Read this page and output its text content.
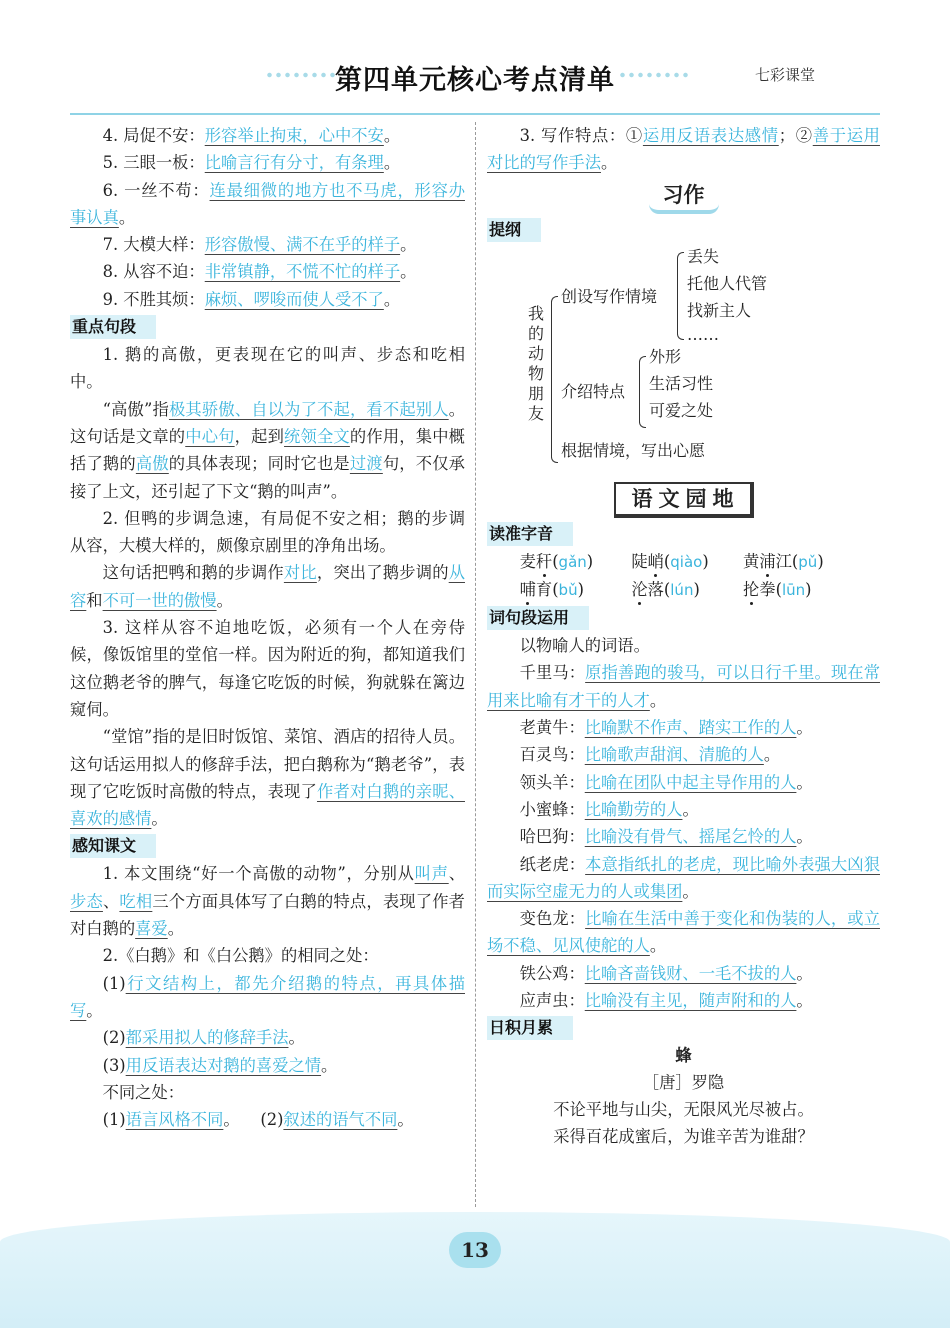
第四单元核心考点清单	七彩课堂

4. 局促不安：形容举止拘束，心中不安。

5. 三眼一板：比喻言行有分寸，有条理。

6. 一丝不苟：连最细微的地方也不马虎，形容办事认真。

7. 大模大样：形容傲慢、满不在乎的样子。

8. 从容不迫：非常镇静，不慌不忙的样子。

9. 不胜其烦：麻烦、啰唆而使人受不了。

重点句段

1. 鹅的高傲，更表现在它的叫声、步态和吃相中。

“高傲”指极其骄傲、自以为了不起，看不起别人。这句话是文章的中心句，起到统领全文的作用，集中概括了鹅的高傲的具体表现；同时它也是过渡句，不仅承接了上文，还引起了下文“鹅的叫声”。

2. 但鸭的步调急速，有局促不安之相；鹅的步调从容，大模大样的，颇像京剧里的净角出场。

这句话把鸭和鹅的步调作对比，突出了鹅步调的从容和不可一世的傲慢。

3. 这样从容不迫地吃饭，必须有一个人在旁侍候，像饭馆里的堂倌一样。因为附近的狗，都知道我们这位鹅老爷的脾气，每逢它吃饭的时候，狗就躲在篱边窥伺。

“堂馆”指的是旧时饭馆、菜馆、酒店的招待人员。这句话运用拟人的修辞手法，把白鹅称为“鹅老爷”，表现了它吃饭时高傲的特点，表现了作者对白鹅的亲昵、喜欢的感情。

感知课文

1. 本文围绕“好一个高傲的动物”，分别从叫声、步态、吃相三个方面具体写了白鹅的特点，表现了作者对白鹅的喜爱。

2.《白鹅》和《白公鹅》的相同之处：

(1)行文结构上，都先介绍鹅的特点，再具体描写。

(2)都采用拟人的修辞手法。

(3)用反语表达对鹅的喜爱之情。

不同之处：

(1)语言风格不同。 (2)叙述的语气不同。

3. 写作特点：①运用反语表达感情；②善于运用对比的写作手法。

习作
提纲
我的动物朋友
创设写作情境
丢失
托他人代管
找新主人
……
介绍特点
外形
生活习性
可爱之处
根据情境，写出心愿
语文园地
读准字音

麦秆(gǎn) 陡峭(qiào) 黄浦江(pǔ)

哺育(bǔ)	沦落(lún)	抡拳(lūn)

词句段运用

以物喻人的词语。

千里马：原指善跑的骏马，可以日行千里。现在常用来比喻有才干的人才。

老黄牛：比喻默不作声、踏实工作的人。

百灵鸟：比喻歌声甜润、清脆的人。

领头羊：比喻在团队中起主导作用的人。

小蜜蜂：比喻勤劳的人。

哈巴狗：比喻没有骨气、摇尾乞怜的人。

纸老虎：本意指纸扎的老虎，现比喻外表强大凶狠而实际空虚无力的人或集团。

变色龙：比喻在生活中善于变化和伪装的人，或立场不稳、见风使舵的人。

铁公鸡：比喻吝啬钱财、一毛不拔的人。

应声虫：比喻没有主见，随声附和的人。

日积月累

蜂

［唐］罗隐

不论平地与山尖，无限风光尽被占。

采得百花成蜜后，为谁辛苦为谁甜？

13
